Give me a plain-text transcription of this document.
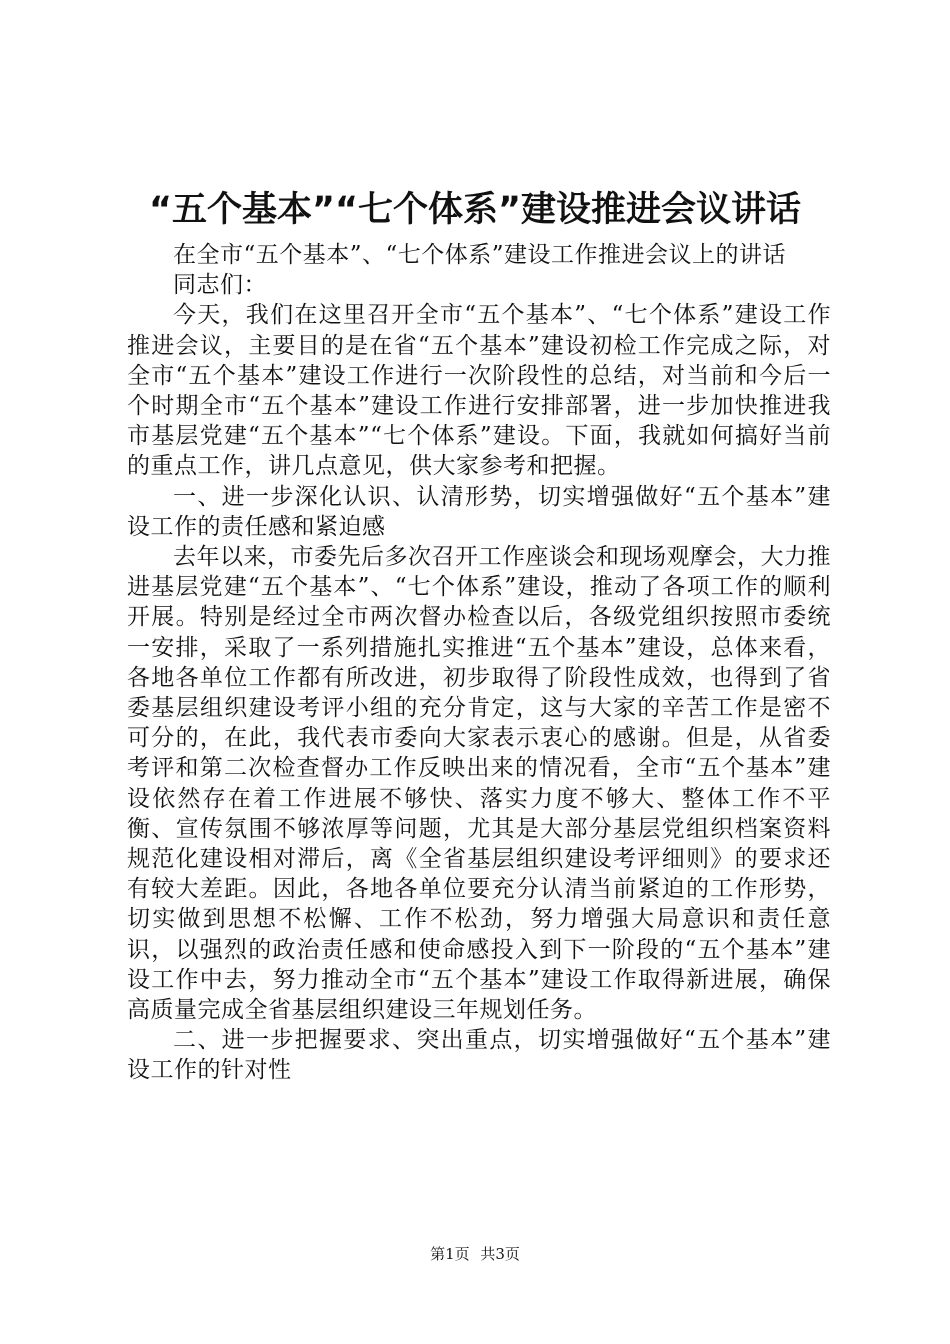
“五个基本”“七个体系”建设推进会议讲话

在全市“五个基本”、“七个体系”建设工作推进会议上的讲话

同志们：

今天，我们在这里召开全市“五个基本”、“七个体系”建设工作推进会议，主要目的是在省“五个基本”建设初检工作完成之际，对全市“五个基本”建设工作进行一次阶段性的总结，对当前和今后一个时期全市“五个基本”建设工作进行安排部署，进一步加快推进我市基层党建“五个基本”“七个体系”建设。下面，我就如何搞好当前的重点工作，讲几点意见，供大家参考和把握。

一、进一步深化认识、认清形势，切实增强做好“五个基本”建设工作的责任感和紧迫感

去年以来，市委先后多次召开工作座谈会和现场观摩会，大力推进基层党建“五个基本”、“七个体系”建设，推动了各项工作的顺利开展。特别是经过全市两次督办检查以后，各级党组织按照市委统一安排，采取了一系列措施扎实推进“五个基本”建设，总体来看，各地各单位工作都有所改进，初步取得了阶段性成效，也得到了省委基层组织建设考评小组的充分肯定，这与大家的辛苦工作是密不可分的，在此，我代表市委向大家表示衷心的感谢。但是，从省委考评和第二次检查督办工作反映出来的情况看，全市“五个基本”建设依然存在着工作进展不够快、落实力度不够大、整体工作不平衡、宣传氛围不够浓厚等问题，尤其是大部分基层党组织档案资料规范化建设相对滞后，离《全省基层组织建设考评细则》的要求还有较大差距。因此，各地各单位要充分认清当前紧迫的工作形势，切实做到思想不松懈、工作不松劲，努力增强大局意识和责任意识，以强烈的政治责任感和使命感投入到下一阶段的“五个基本”建设工作中去，努力推动全市“五个基本”建设工作取得新进展，确保高质量完成全省基层组织建设三年规划任务。

二、进一步把握要求、突出重点，切实增强做好“五个基本”建设工作的针对性

第1页 共3页
